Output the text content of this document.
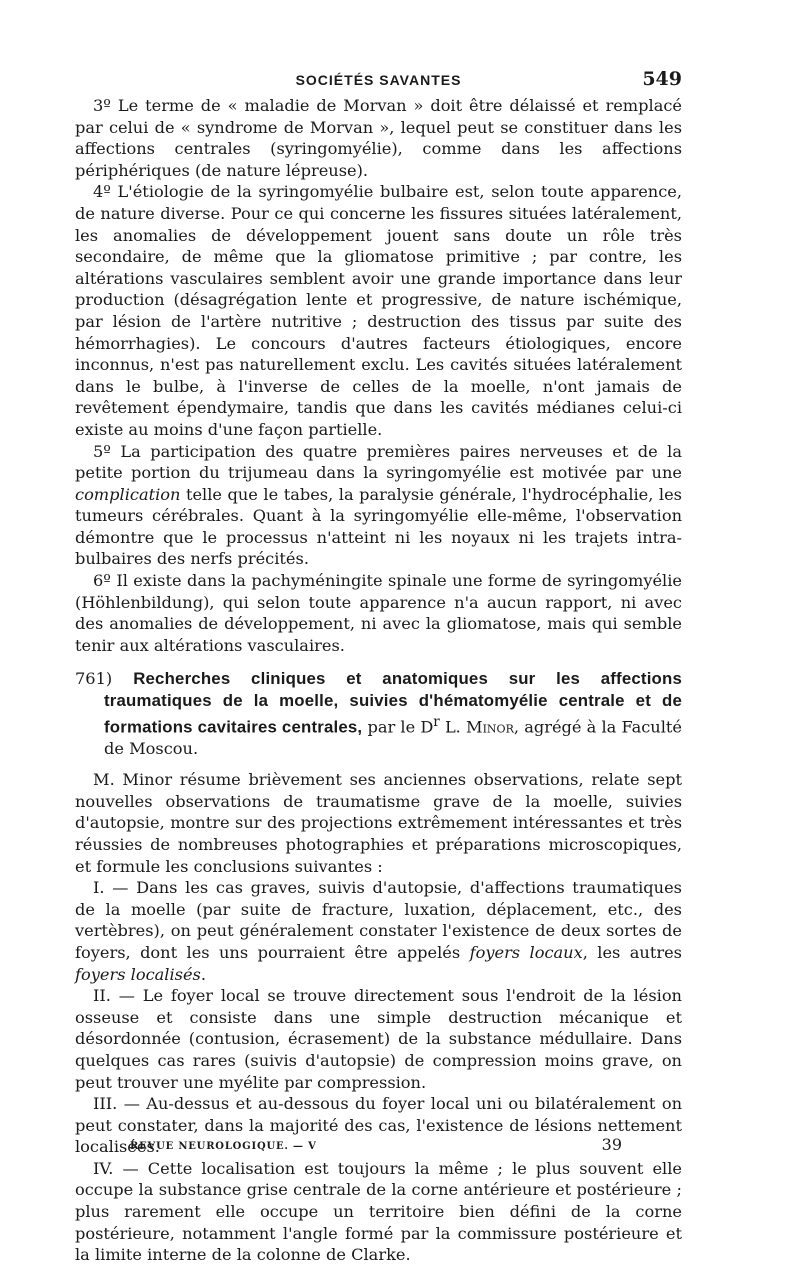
SOCIÉTÉS SAVANTES	549

3º Le terme de « maladie de Morvan » doit être délaissé et remplacé par celui de « syndrome de Morvan », lequel peut se constituer dans les affections centrales (syringomyélie), comme dans les affections périphériques (de nature lépreuse).

4º L'étiologie de la syringomyélie bulbaire est, selon toute apparence, de nature diverse. Pour ce qui concerne les fissures situées latéralement, les anomalies de développement jouent sans doute un rôle très secondaire, de même que la gliomatose primitive ; par contre, les altérations vasculaires semblent avoir une grande importance dans leur production (désagrégation lente et progressive, de nature ischémique, par lésion de l'artère nutritive ; destruction des tissus par suite des hémorrhagies). Le concours d'autres facteurs étiologiques, encore inconnus, n'est pas naturellement exclu. Les cavités situées latéralement dans le bulbe, à l'inverse de celles de la moelle, n'ont jamais de revêtement épendymaire, tandis que dans les cavités médianes celui-ci existe au moins d'une façon partielle.

5º La participation des quatre premières paires nerveuses et de la petite portion du trijumeau dans la syringomyélie est motivée par une complication telle que le tabes, la paralysie générale, l'hydrocéphalie, les tumeurs cérébrales. Quant à la syringomyélie elle-même, l'observation démontre que le processus n'atteint ni les noyaux ni les trajets intra-bulbaires des nerfs précités.

6º Il existe dans la pachyméningite spinale une forme de syringomyélie (Höhlenbildung), qui selon toute apparence n'a aucun rapport, ni avec des anomalies de développement, ni avec la gliomatose, mais qui semble tenir aux altérations vasculaires.

761) Recherches cliniques et anatomiques sur les affections traumatiques de la moelle, suivies d'hématomyélie centrale et de formations cavitaires centrales, par le $D^r$ L. Minor, agrégé à la Faculté de Moscou.

M. Minor résume brièvement ses anciennes observations, relate sept nouvelles observations de traumatisme grave de la moelle, suivies d'autopsie, montre sur des projections extrêmement intéressantes et très réussies de nombreuses photographies et préparations microscopiques, et formule les conclusions suivantes :

I. — Dans les cas graves, suivis d'autopsie, d'affections traumatiques de la moelle (par suite de fracture, luxation, déplacement, etc., des vertèbres), on peut généralement constater l'existence de deux sortes de foyers, dont les uns pourraient être appelés foyers locaux, les autres foyers localisés.

II. — Le foyer local se trouve directement sous l'endroit de la lésion osseuse et consiste dans une simple destruction mécanique et désordonnée (contusion, écrasement) de la substance médullaire. Dans quelques cas rares (suivis d'autopsie) de compression moins grave, on peut trouver une myélite par compression.

III. — Au-dessus et au-dessous du foyer local uni ou bilatéralement on peut constater, dans la majorité des cas, l'existence de lésions nettement localisées.

IV. — Cette localisation est toujours la même ; le plus souvent elle occupe la substance grise centrale de la corne antérieure et postérieure ; plus rarement elle occupe un territoire bien défini de la corne postérieure, notamment l'angle formé par la commissure postérieure et la limite interne de la colonne de Clarke.

REVUE NEUROLOGIQUE. — V	39
